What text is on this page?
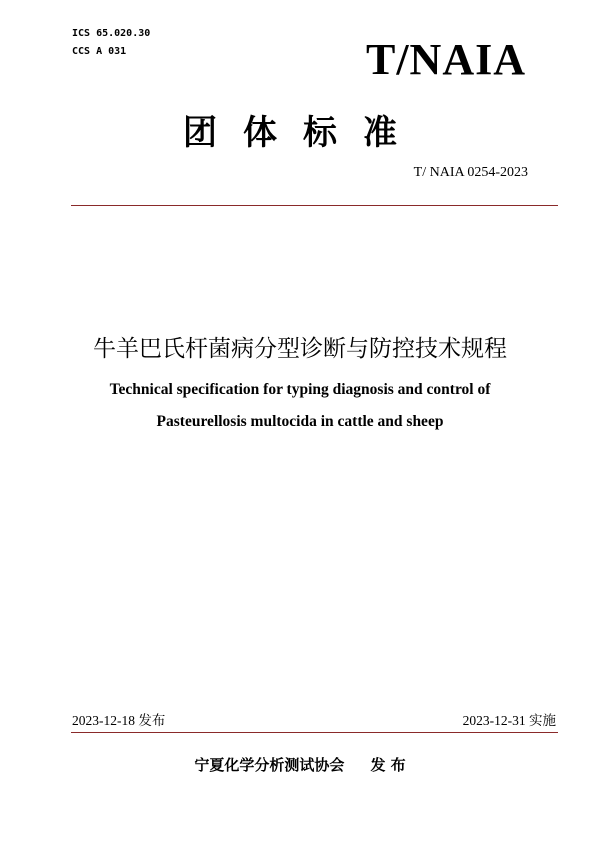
ICS 65.020.30
CCS A 031	T/NAIA
团体标准
T/ NAIA 0254-2023
牛羊巴氏杆菌病分型诊断与防控技术规程
Technical specification for typing diagnosis and control of
Pasteurellosis multocida in cattle and sheep
2023-12-18 发布	2023-12-31 实施
宁夏化学分析测试协会     发 布
